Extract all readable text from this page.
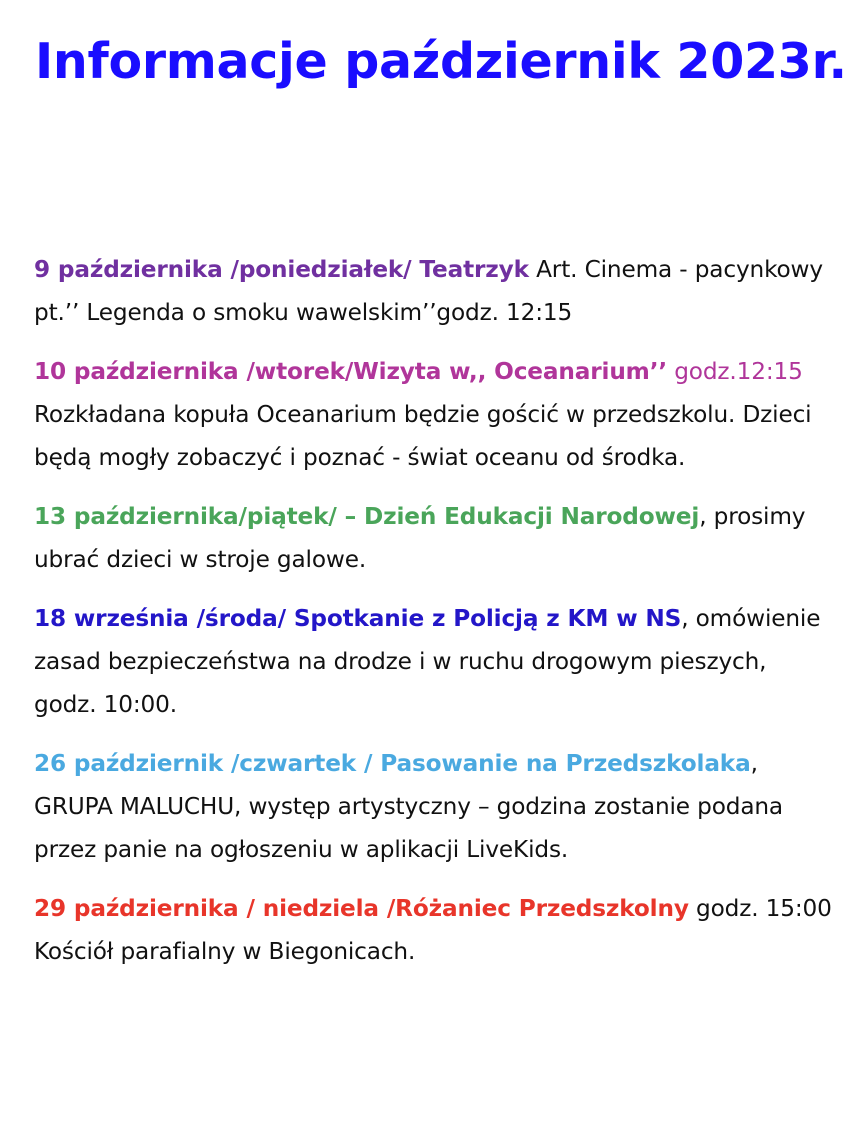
Informacje październik 2023r.

9 października /poniedziałek/ Teatrzyk Art. Cinema - pacynkowy pt.’’ Legenda o smoku wawelskim’’godz. 12:15

10 października /wtorek/Wizyta w,, Oceanarium’’ godz.12:15 Rozkładana kopuła Oceanarium będzie gościć w przedszkolu. Dzieci będą mogły zobaczyć i poznać - świat oceanu od środka.

13 października/piątek/ – Dzień Edukacji Narodowej, prosimy ubrać dzieci w stroje galowe.

18 września /środa/ Spotkanie z Policją z KM w NS, omówienie zasad bezpieczeństwa na drodze i w ruchu drogowym pieszych, godz. 10:00.

26 październik /czwartek / Pasowanie na Przedszkolaka, GRUPA MALUCHU, występ artystyczny – godzina zostanie podana przez panie na ogłoszeniu w aplikacji LiveKids.

29 października / niedziela /Różaniec Przedszkolny godz. 15:00 Kościół parafialny w Biegonicach.
